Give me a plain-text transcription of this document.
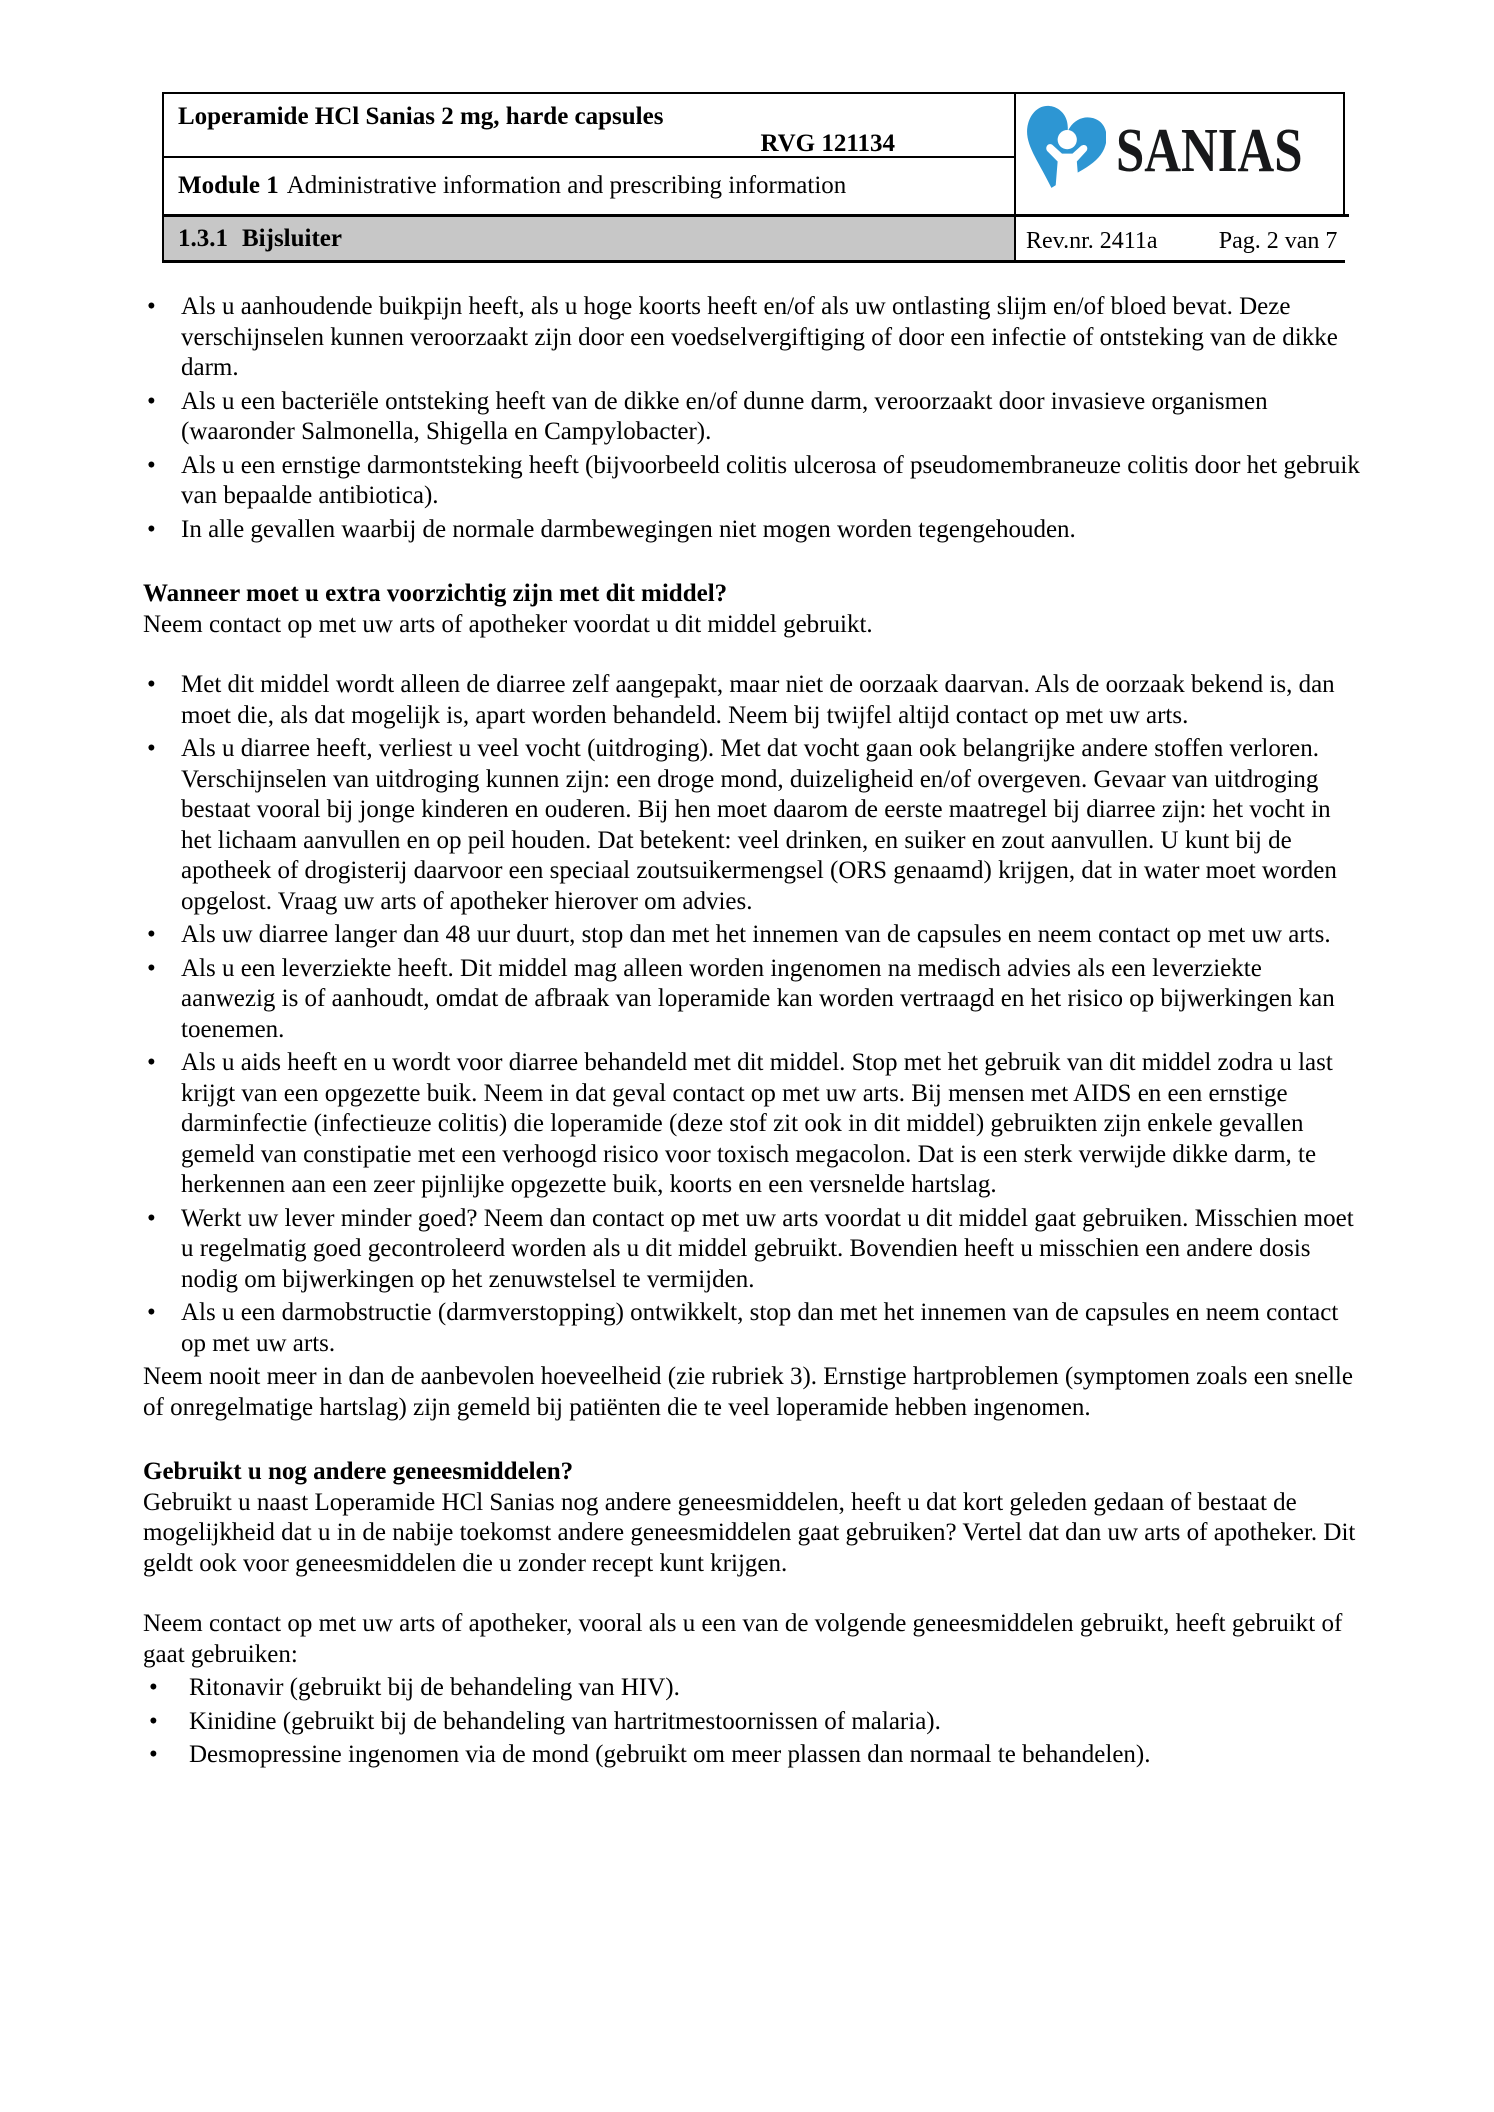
Loperamide HCl Sanias 2 mg, harde capsules
RVG 121134	SANIAS
Module 1 Administrative information and prescribing information
1.3.1 Bijsluiter	Rev.nr. 2411a	Pag. 2 van 7
• Als u aanhoudende buikpijn heeft, als u hoge koorts heeft en/of als uw ontlasting slijm en/of bloed bevat. Deze verschijnselen kunnen veroorzaakt zijn door een voedselvergiftiging of door een infectie of ontsteking van de dikke darm.
• Als u een bacteriële ontsteking heeft van de dikke en/of dunne darm, veroorzaakt door invasieve organismen (waaronder Salmonella, Shigella en Campylobacter).
• Als u een ernstige darmontsteking heeft (bijvoorbeeld colitis ulcerosa of pseudomembraneuze colitis door het gebruik van bepaalde antibiotica).
• In alle gevallen waarbij de normale darmbewegingen niet mogen worden tegengehouden.
Wanneer moet u extra voorzichtig zijn met dit middel?

Neem contact op met uw arts of apotheker voordat u dit middel gebruikt.

• Met dit middel wordt alleen de diarree zelf aangepakt, maar niet de oorzaak daarvan. Als de oorzaak bekend is, dan moet die, als dat mogelijk is, apart worden behandeld. Neem bij twijfel altijd contact op met uw arts.
• Als u diarree heeft, verliest u veel vocht (uitdroging). Met dat vocht gaan ook belangrijke andere stoffen verloren. Verschijnselen van uitdroging kunnen zijn: een droge mond, duizeligheid en/of overgeven. Gevaar van uitdroging bestaat vooral bij jonge kinderen en ouderen. Bij hen moet daarom de eerste maatregel bij diarree zijn: het vocht in het lichaam aanvullen en op peil houden. Dat betekent: veel drinken, en suiker en zout aanvullen. U kunt bij de apotheek of drogisterij daarvoor een speciaal zoutsuikermengsel (ORS genaamd) krijgen, dat in water moet worden opgelost. Vraag uw arts of apotheker hierover om advies.
• Als uw diarree langer dan 48 uur duurt, stop dan met het innemen van de capsules en neem contact op met uw arts.
• Als u een leverziekte heeft. Dit middel mag alleen worden ingenomen na medisch advies als een leverziekte aanwezig is of aanhoudt, omdat de afbraak van loperamide kan worden vertraagd en het risico op bijwerkingen kan toenemen.
• Als u aids heeft en u wordt voor diarree behandeld met dit middel. Stop met het gebruik van dit middel zodra u last krijgt van een opgezette buik. Neem in dat geval contact op met uw arts. Bij mensen met AIDS en een ernstige darminfectie (infectieuze colitis) die loperamide (deze stof zit ook in dit middel) gebruikten zijn enkele gevallen gemeld van constipatie met een verhoogd risico voor toxisch megacolon. Dat is een sterk verwijde dikke darm, te herkennen aan een zeer pijnlijke opgezette buik, koorts en een versnelde hartslag.
• Werkt uw lever minder goed? Neem dan contact op met uw arts voordat u dit middel gaat gebruiken. Misschien moet u regelmatig goed gecontroleerd worden als u dit middel gebruikt. Bovendien heeft u misschien een andere dosis nodig om bijwerkingen op het zenuwstelsel te vermijden.
• Als u een darmobstructie (darmverstopping) ontwikkelt, stop dan met het innemen van de capsules en neem contact op met uw arts.

Neem nooit meer in dan de aanbevolen hoeveelheid (zie rubriek 3). Ernstige hartproblemen (symptomen zoals een snelle of onregelmatige hartslag) zijn gemeld bij patiënten die te veel loperamide hebben ingenomen.

Gebruikt u nog andere geneesmiddelen?

Gebruikt u naast Loperamide HCl Sanias nog andere geneesmiddelen, heeft u dat kort geleden gedaan of bestaat de mogelijkheid dat u in de nabije toekomst andere geneesmiddelen gaat gebruiken? Vertel dat dan uw arts of apotheker. Dit geldt ook voor geneesmiddelen die u zonder recept kunt krijgen.

Neem contact op met uw arts of apotheker, vooral als u een van de volgende geneesmiddelen gebruikt, heeft gebruikt of gaat gebruiken:

• Ritonavir (gebruikt bij de behandeling van HIV).
• Kinidine (gebruikt bij de behandeling van hartritmestoornissen of malaria).
• Desmopressine ingenomen via de mond (gebruikt om meer plassen dan normaal te behandelen).
